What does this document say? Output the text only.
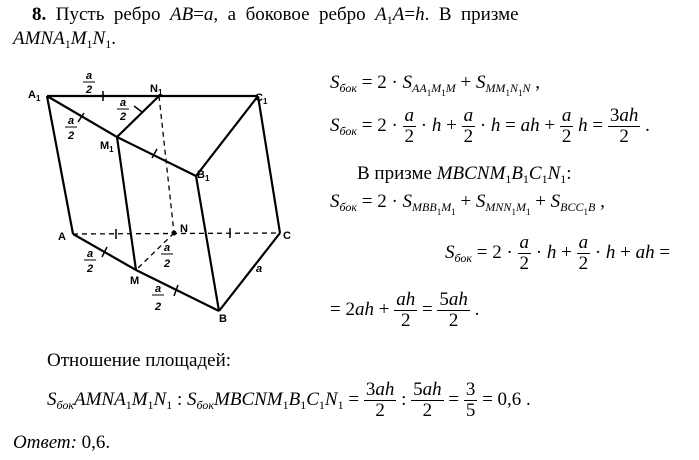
8.  Пусть  ребро  AB=a,  а  боковое  ребро  $A_1A=h$.  В  призме
$AMNA_1M_1N_1$.
$A_1$
$N_1$	$C_1$
$M_1$
$B_1$
A
N
C
M
B
a
2
a
2
a
2
a
2
a
2
a
2
a
$S_{бок} = 2 \cdot S_{AA_1M_1M} + S_{MM_1N_1N}$ ,
$S_{бок} = 2 \cdot \frac{a}{2} \cdot h + \frac{a}{2} \cdot h$ = ah + $\frac{a}{2}$ $h = \frac{3ah}{2}$ .
В призме $MBCNM_1B_1C_1N_1$:
$S_{бок} = 2 \cdot S_{MBB_1M_1} + S_{MNN_1M_1} + S_{BCC_1B}$ ,
$S_{бок} = 2 \cdot \frac{a}{2} \cdot h + \frac{a}{2} \cdot h$ + ah =
= $2ah + \frac{ah}{2} = \frac{5ah}{2}$ .
Отношение площадей:
$S_{бок}AMNA_1M_1N_1$ : $S_{бок}MBCNM_1B_1C_1N_1 = \frac{3ah}{2}$ : $\frac{5ah}{2} = \frac{3}{5} = 0,6$ .
Ответ: 0,6.
